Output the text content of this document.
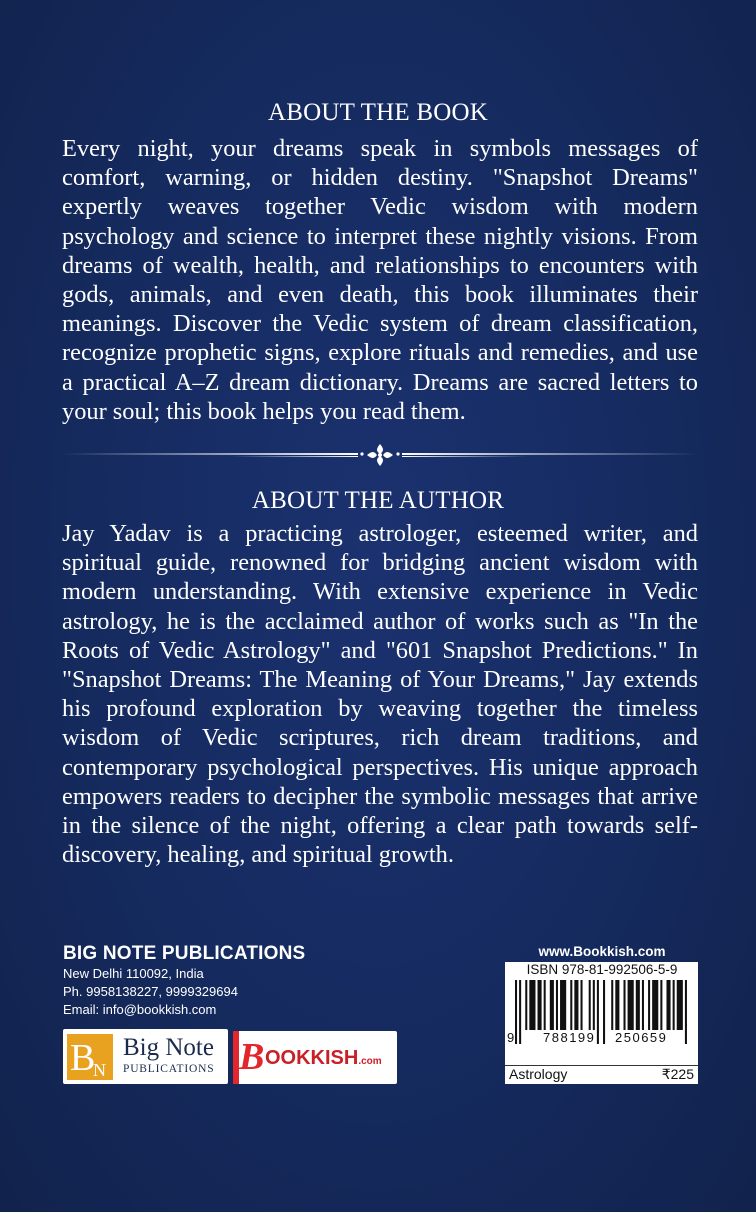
ABOUT THE BOOK

Every night, your dreams speak in symbols messages of comfort, warning, or hidden destiny. "Snapshot Dreams" expertly weaves together Vedic wisdom with modern psychology and science to interpret these nightly visions. From dreams of wealth, health, and relationships to encounters with gods, animals, and even death, this book illuminates their meanings. Discover the Vedic system of dream classification, recognize prophetic signs, explore rituals and remedies, and use a practical A–Z dream dictionary. Dreams are sacred letters to your soul; this book helps you read them.

ABOUT THE AUTHOR

Jay Yadav is a practicing astrologer, esteemed writer, and spiritual guide, renowned for bridging ancient wisdom with modern understanding. With extensive experience in Vedic astrology, he is the acclaimed author of works such as "In the Roots of Vedic Astrology" and "601 Snapshot Predictions." In "Snapshot Dreams: The Meaning of Your Dreams," Jay extends his profound exploration by weaving together the timeless wisdom of Vedic scriptures, rich dream traditions, and contemporary psychological perspectives. His unique approach empowers readers to decipher the symbolic messages that arrive in the silence of the night, offering a clear path towards self-discovery, healing, and spiritual growth.

BIG NOTE PUBLICATIONS
New Delhi 110092, India
Ph. 9958138227, 9999329694
Email: info@bookkish.com
B
N
Big Note
PUBLICATIONS B OOKKISH.com
www.Bookkish.com
ISBN 978-81-992506-5-9
9 788199 250659
Astrology	₹225
